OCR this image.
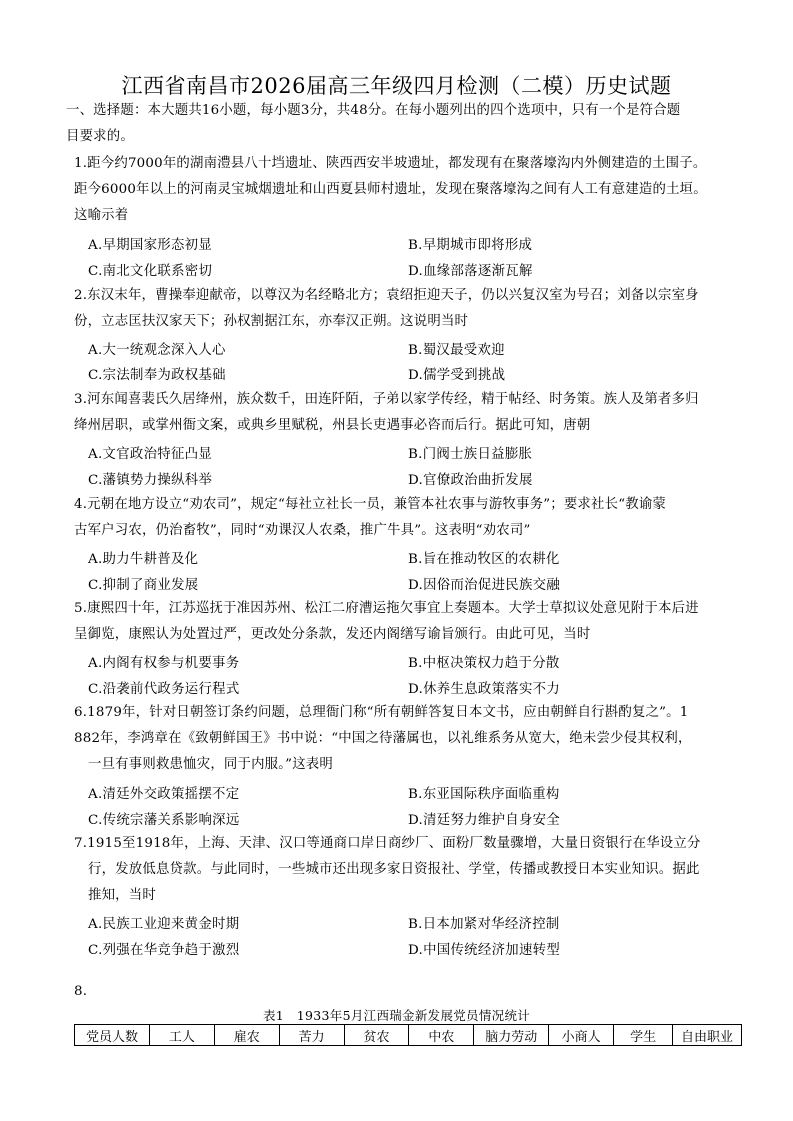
江西省南昌市2026届高三年级四月检测（二模）历史试题
一、选择题：本大题共16小题，每小题3分，共48分。在每小题列出的四个选项中，只有一个是符合题
目要求的。
1.距今约7000年的湖南澧县八十垱遗址、陕西西安半坡遗址，都发现有在聚落壕沟内外侧建造的土围子。
距今6000年以上的河南灵宝城烟遗址和山西夏县师村遗址，发现在聚落壕沟之间有人工有意建造的土垣。
这喻示着
A.早期国家形态初显	B.早期城市即将形成
C.南北文化联系密切	D.血缘部落逐渐瓦解
2.东汉末年，曹操奉迎献帝，以尊汉为名经略北方；袁绍拒迎天子，仍以兴复汉室为号召；刘备以宗室身
份，立志匡扶汉家天下；孙权割据江东，亦奉汉正朔。这说明当时
A.大一统观念深入人心	B.蜀汉最受欢迎
C.宗法制奉为政权基础	D.儒学受到挑战
3.河东闻喜裴氏久居绛州，族众数千，田连阡陌，子弟以家学传经，精于帖经、时务策。族人及第者多归
绛州居职，或掌州衙文案，或典乡里赋税，州县长吏遇事必咨而后行。据此可知，唐朝
A.文官政治特征凸显	B.门阀士族日益膨胀
C.藩镇势力操纵科举	D.官僚政治曲折发展
4.元朝在地方设立“劝农司”，规定“每社立社长一员，兼管本社农事与游牧事务”；要求社长“教谕蒙
古军户习农，仍治畜牧”，同时“劝课汉人农桑，推广牛具”。这表明“劝农司”
A.助力牛耕普及化	B.旨在推动牧区的农耕化
C.抑制了商业发展	D.因俗而治促进民族交融
5.康熙四十年，江苏巡抚于准因苏州、松江二府漕运拖欠事宜上奏题本。大学士草拟议处意见附于本后进
呈御览，康熙认为处置过严，更改处分条款，发还内阁缮写谕旨颁行。由此可见，当时
A.内阁有权参与机要事务	B.中枢决策权力趋于分散
C.沿袭前代政务运行程式	D.休养生息政策落实不力
6.1879年，针对日朝签订条约问题，总理衙门称“所有朝鲜答复日本文书，应由朝鲜自行斟酌复之”。1
882年，李鸿章在《致朝鲜国王》书中说：“中国之待藩属也，以礼维系务从宽大，绝未尝少侵其权利，
一旦有事则救患恤灾，同于内服。”这表明
A.清廷外交政策摇摆不定	B.东亚国际秩序面临重构
C.传统宗藩关系影响深远	D.清廷努力维护自身安全
7.1915至1918年，上海、天津、汉口等通商口岸日商纱厂、面粉厂数量骤增，大量日资银行在华设立分
行，发放低息贷款。与此同时，一些城市还出现多家日资报社、学堂，传播或教授日本实业知识。据此
推知，当时
A.民族工业迎来黄金时期	B.日本加紧对华经济控制
C.列强在华竞争趋于激烈	D.中国传统经济加速转型
8.
表1　1933年5月江西瑞金新发展党员情况统计
党员人数	工人	雇农	苦力	贫农	中农	脑力劳动	小商人	学生	自由职业
